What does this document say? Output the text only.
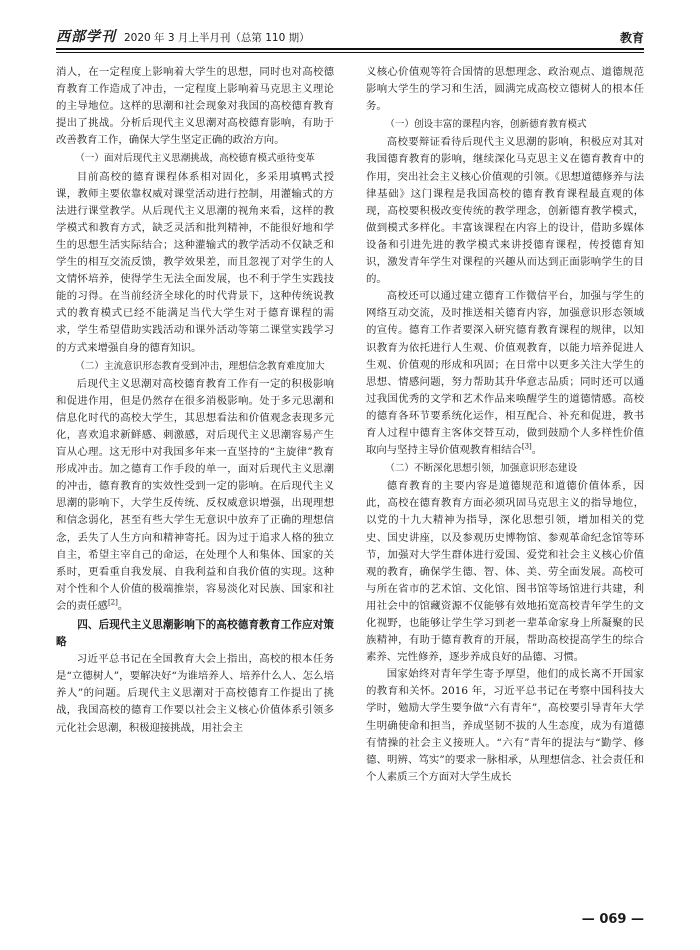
西部学刊 2020 年 3 月上半月刊（总第 110 期）	教育

消人，在一定程度上影响着大学生的思想，同时也对高校德育教育工作造成了冲击，一定程度上影响着马克思主义理论的主导地位。这样的思潮和社会现象对我国的高校德育教育提出了挑战。分析后现代主义思潮对高校德育影响，有助于改善教育工作，确保大学生坚定正确的政治方向。

（一）面对后现代主义思潮挑战，高校德育模式亟待变革

目前高校的德育课程体系相对固化，多采用填鸭式授课，教师主要依靠权威对课堂活动进行控制，用灌输式的方法进行课堂教学。从后现代主义思潮的视角来看，这样的教学模式和教育方式，缺乏灵活和批判精神，不能很好地和学生的思想生活实际结合；这种灌输式的教学活动不仅缺乏和学生的相互交流反馈，教学效果差，而且忽视了对学生的人文情怀培养，使得学生无法全面发展，也不利于学生实践技能的习得。在当前经济全球化的时代背景下，这种传统说教式的教育模式已经不能满足当代大学生对于德育课程的需求，学生希望借助实践活动和课外活动等第二课堂实践学习的方式来增强自身的德育知识。

（二）主流意识形态教育受到冲击，理想信念教育难度加大

后现代主义思潮对高校德育教育工作有一定的积极影响和促进作用，但是仍然存在很多消极影响。处于多元思潮和信息化时代的高校大学生，其思想看法和价值观念表现多元化，喜欢追求新鲜感、刺激感，对后现代主义思潮容易产生盲从心理。这无形中对我国多年来一直坚持的“主旋律”教育形成冲击。加之德育工作手段的单一，面对后现代主义思潮的冲击，德育教育的实效性受到一定的影响。在后现代主义思潮的影响下，大学生反传统、反权威意识增强，出现理想和信念弱化，甚至有些大学生无意识中放弃了正确的理想信念，丢失了人生方向和精神寄托。因为过于追求人格的独立自主，希望主宰自己的命运，在处理个人和集体、国家的关系时，更看重自我发展、自我利益和自我价值的实现。这种对个性和个人价值的极端推崇，容易淡化对民族、国家和社会的责任感[2]。

四、后现代主义思潮影响下的高校德育教育工作应对策略

习近平总书记在全国教育大会上指出，高校的根本任务是“立德树人”，要解决好“为谁培养人、培养什么人、怎么培养人”的问题。后现代主义思潮对于高校德育工作提出了挑战，我国高校的德育工作要以社会主义核心价值体系引领多元化社会思潮，积极迎接挑战，用社会主

义核心价值观等符合国情的思想理念、政治观点、道德规范影响大学生的学习和生活，圆满完成高校立德树人的根本任务。

（一）创设丰富的课程内容，创新德育教育模式

高校要辩证看待后现代主义思潮的影响，积极应对其对我国德育教育的影响，继续深化马克思主义在德育教育中的作用，突出社会主义核心价值观的引领。《思想道德修养与法律基础》这门课程是我国高校的德育教育课程最直观的体现，高校要积极改变传统的教学理念，创新德育教学模式，做到模式多样化。丰富该课程在内容上的设计，借助多媒体设备和引进先进的教学模式来讲授德育课程，传授德育知识，激发青年学生对课程的兴趣从而达到正面影响学生的目的。

高校还可以通过建立德育工作微信平台，加强与学生的网络互动交流，及时推送相关德育内容，加强意识形态领域的宣传。德育工作者要深入研究德育教育课程的规律，以知识教育为依托进行人生观、价值观教育，以能力培养促进人生观、价值观的形成和巩固；在日常中以更多关注大学生的思想、情感问题，努力帮助其升华意志品质；同时还可以通过我国优秀的文学和艺术作品来唤醒学生的道德情感。高校的德育各环节要系统化运作，相互配合、补充和促进，教书育人过程中德育主客体交替互动，做到鼓励个人多样性价值取向与坚持主导价值观教育相结合[3]。

（二）不断深化思想引领，加强意识形态建设

德育教育的主要内容是道德规范和道德价值体系，因此，高校在德育教育方面必须巩固马克思主义的指导地位，以党的十九大精神为指导，深化思想引领，增加相关的党史、国史讲座，以及参观历史博物馆、参观革命纪念馆等环节，加强对大学生群体进行爱国、爱党和社会主义核心价值观的教育，确保学生德、智、体、美、劳全面发展。高校可与所在省市的艺术馆、文化馆、图书馆等场馆进行共建，利用社会中的馆藏资源不仅能够有效地拓宽高校青年学生的文化视野，也能够让学生学习到老一辈革命家身上所凝聚的民族精神，有助于德育教育的开展，帮助高校提高学生的综合素养、完性修养，逐步养成良好的品德、习惯。

国家始终对青年学生寄予厚望，他们的成长离不开国家的教育和关怀。2016 年，习近平总书记在考察中国科技大学时，勉励大学生要争做“六有青年”，高校要引导青年大学生明确使命和担当，养成坚韧不拔的人生态度，成为有道德有情操的社会主义接班人。“六有”青年的提法与“勤学、修德、明辨、笃实”的要求一脉相承，从理想信念、社会责任和个人素质三个方面对大学生成长

— 069 —
